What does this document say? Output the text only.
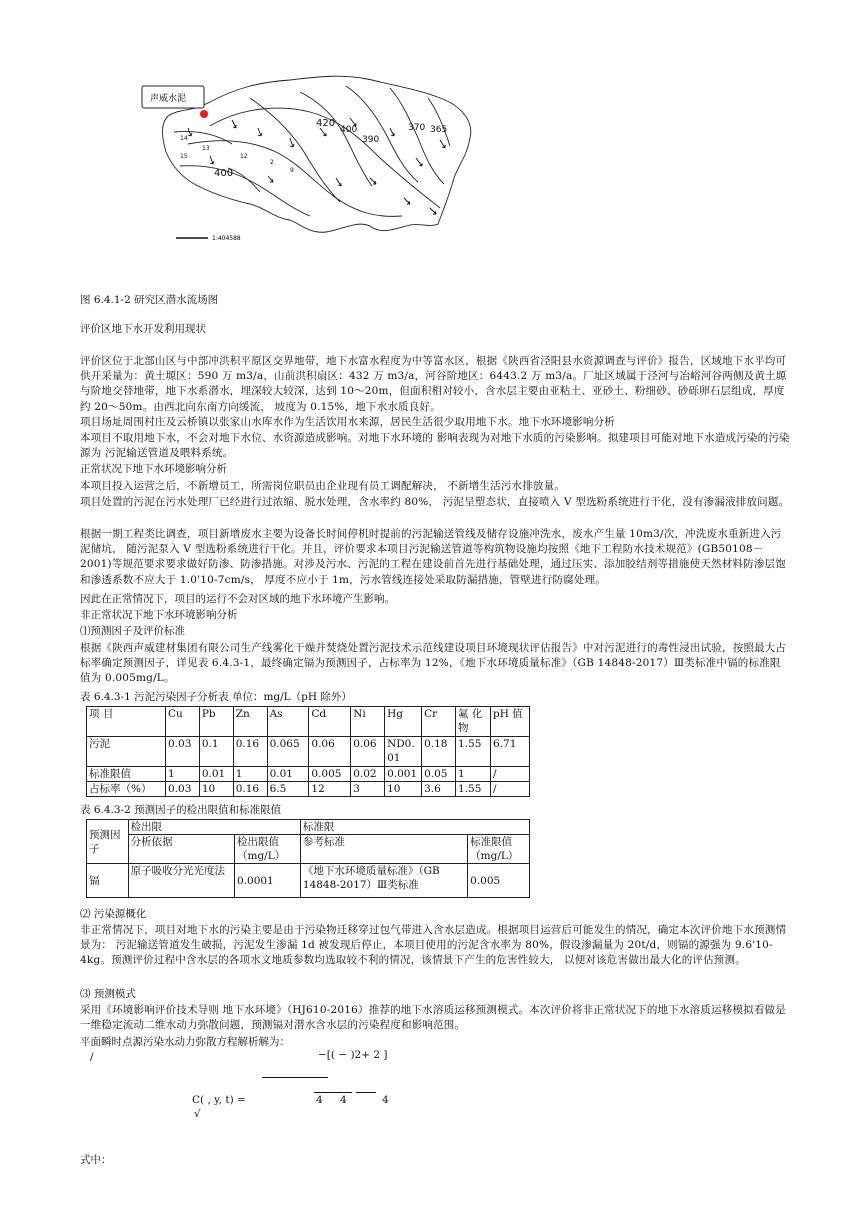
420
400
390
370 365
400
14
15
13
12
2
9
声威水泥
1:404588
图 6.4.1-2 研究区潜水流场图
评价区地下水开发利用现状
评价区位于北部山区与中部冲洪积平原区交界地带，地下水富水程度为中等富水区，根据《陕西省泾阳县水资源调查与评价》报告，区域地下水平均可供开采量为：黄土塬区：590 万 m3/a，山前洪积扇区：432 万 m3/a，河谷阶地区：6443.2 万 m3/a。厂址区域属于泾河与冶峪河谷两侧及黄土塬与阶地交替地带，地下水系潜水，埋深较大较深，达到 10～20m，但面积相对较小，含水层主要由亚粘土、亚砂土、粉细砂、砂砾卵石层组成，厚度约 20～50m。由西北向东南方向缓流， 坡度为 0.15%，地下水水质良好。
项目场址周围村庄及云桥镇以张家山水库水作为生活饮用水来源，居民生活很少取用地下水。地下水环境影响分析
本项目不取用地下水，不会对地下水位、水资源造成影响。对地下水环境的 影响表现为对地下水质的污染影响。拟建项目可能对地下水造成污染的污染源为 污泥输送管道及喂料系统。
正常状况下地下水环境影响分析
本项目投入运营之后，不新增员工，所需岗位职员由企业现有员工调配解决， 不新增生活污水排放量。
项目处置的污泥在污水处理厂已经进行过浓缩、脱水处理，含水率约 80%， 污泥呈塑态状，直接喷入 V 型选粉系统进行干化，没有渗漏液排放问题。
根据一期工程类比调查，项目新增废水主要为设备长时间停机时提前的污泥输送管线及储存设施冲洗水，废水产生量 10m3/次，冲洗废水重新进入污泥储坑， 随污泥泵入 V 型选粉系统进行干化。并且，评价要求本项目污泥输送管道等构筑物设施均按照《地下工程防水技术规范》(GB50108－2001)等规范要求要求做好防渗、防渗措施。对涉及污水、污泥的工程在建设前首先进行基础处理，通过压实、添加胶结剂等措施使天然材料防渗层饱和渗透系数不应大于 1.0'10-7cm/s， 厚度不应小于 1m，污水管线连接处采取防漏措施，管壁进行防腐处理。
因此在正常情况下，项目的运行不会对区域的地下水环境产生影响。
非正常状况下地下水环境影响分析
⑴预测因子及评价标准
根据《陕西声威建材集团有限公司生产线雾化干燥并焚烧处置污泥技术示范线建设项目环境现状评估报告》中对污泥进行的毒性浸出试验，按照最大占标率确定预测因子，详见表 6.4.3-1，最终确定镉为预测因子，占标率为 12%，《地下水环境质量标准》（GB 14848-2017）Ⅲ类标准中镉的标准限值为 0.005mg/L。
表 6.4.3-1 污泥污染因子分析表 单位：mg/L（pH 除外）
项 目	Cu	Pb	Zn	As	Cd	Ni	Hg	Cr	氟 化物	pH 值
污泥	0.03	0.1	0.16	0.065	0.06	0.06	ND0.01	0.18	1.55	6.71
标准限值	1	0.01	1	0.01	0.005	0.02	0.001	0.05	1	/
占标率（%）	0.03	10	0.16	6.5	12	3	10	3.6	1.55	/
表 6.4.3-2 预测因子的检出限值和标准限值
预测因子	检出限		标准限	
	分析依据	检出限值（mg/L）	参考标准	标准限值（mg/L）
镉	原子吸收分光光度法	0.0001	《地下水环境质量标准》（GB 14848-2017）Ⅲ类标准	0.005
⑵ 污染源概化
非正常情况下，项目对地下水的污染主要是由于污染物迁移穿过包气带进入含水层造成。根据项目运营后可能发生的情况，确定本次评价地下水预测情景为： 污泥输送管道发生破损，污泥发生渗漏 1d 被发现后停止，本项目使用的污泥含水率为 80%，假设渗漏量为 20t/d，则镉的源强为 9.6'10-4kg。预测评价过程中含水层的各项水文地质参数均选取较不利的情况，该情景下产生的危害性较大， 以便对该危害做出最大化的评估预测。
⑶ 预测模式
采用《环境影响评价技术导则 地下水环境》（HJ610-2016）推荐的地下水溶质运移预测模式。本次评价将非正常状况下的地下水溶质运移模拟看做是一维稳定流动二维水动力弥散问题，预测镉对潜水含水层的污染程度和影响范围。
平面瞬时点源污染水动力弥散方程解析解为：
/	−[( − )2+ 2 ]
C( , y, t) =	4 4	4
√
式中：
